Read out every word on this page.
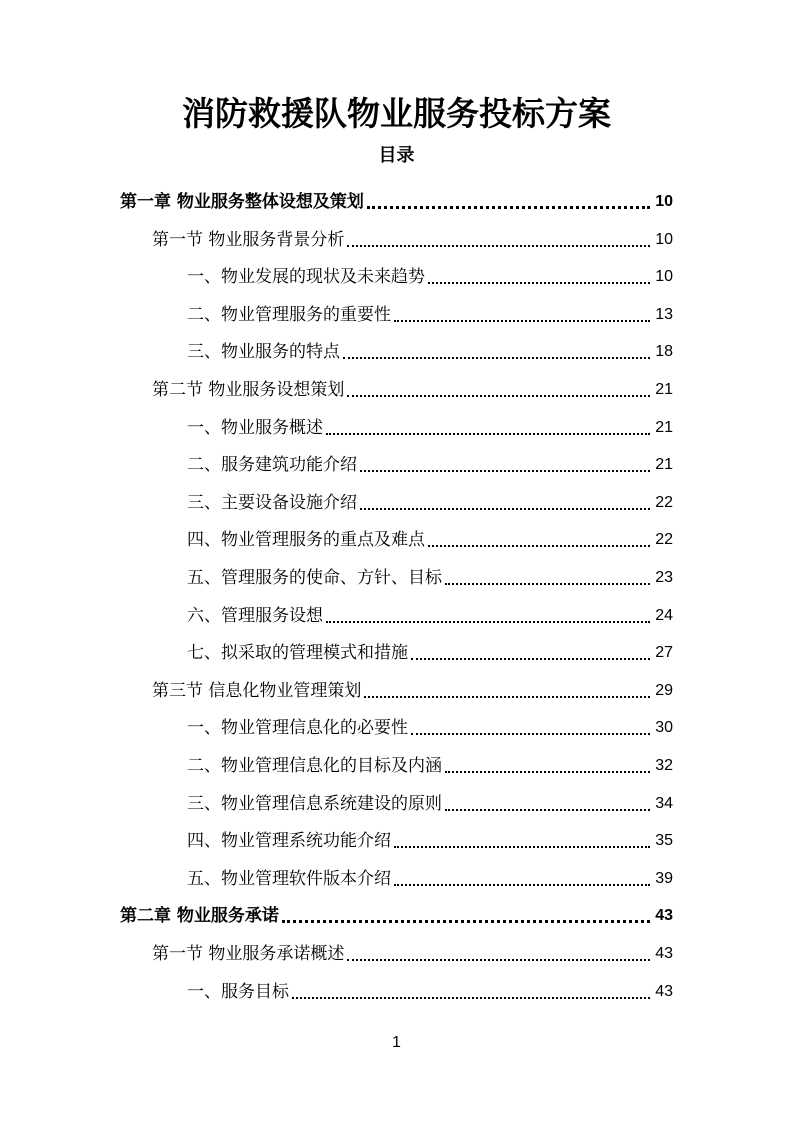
消防救援队物业服务投标方案
目录
第一章 物业服务整体设想及策划	10
第一节 物业服务背景分析	10
一、物业发展的现状及未来趋势	10
二、物业管理服务的重要性	13
三、物业服务的特点	18
第二节 物业服务设想策划	21
一、物业服务概述	21
二、服务建筑功能介绍	21
三、主要设备设施介绍	22
四、物业管理服务的重点及难点	22
五、管理服务的使命、方针、目标	23
六、管理服务设想	24
七、拟采取的管理模式和措施	27
第三节 信息化物业管理策划	29
一、物业管理信息化的必要性	30
二、物业管理信息化的目标及内涵	32
三、物业管理信息系统建设的原则	34
四、物业管理系统功能介绍	35
五、物业管理软件版本介绍	39
第二章 物业服务承诺	43
第一节 物业服务承诺概述	43
一、服务目标	43
1
